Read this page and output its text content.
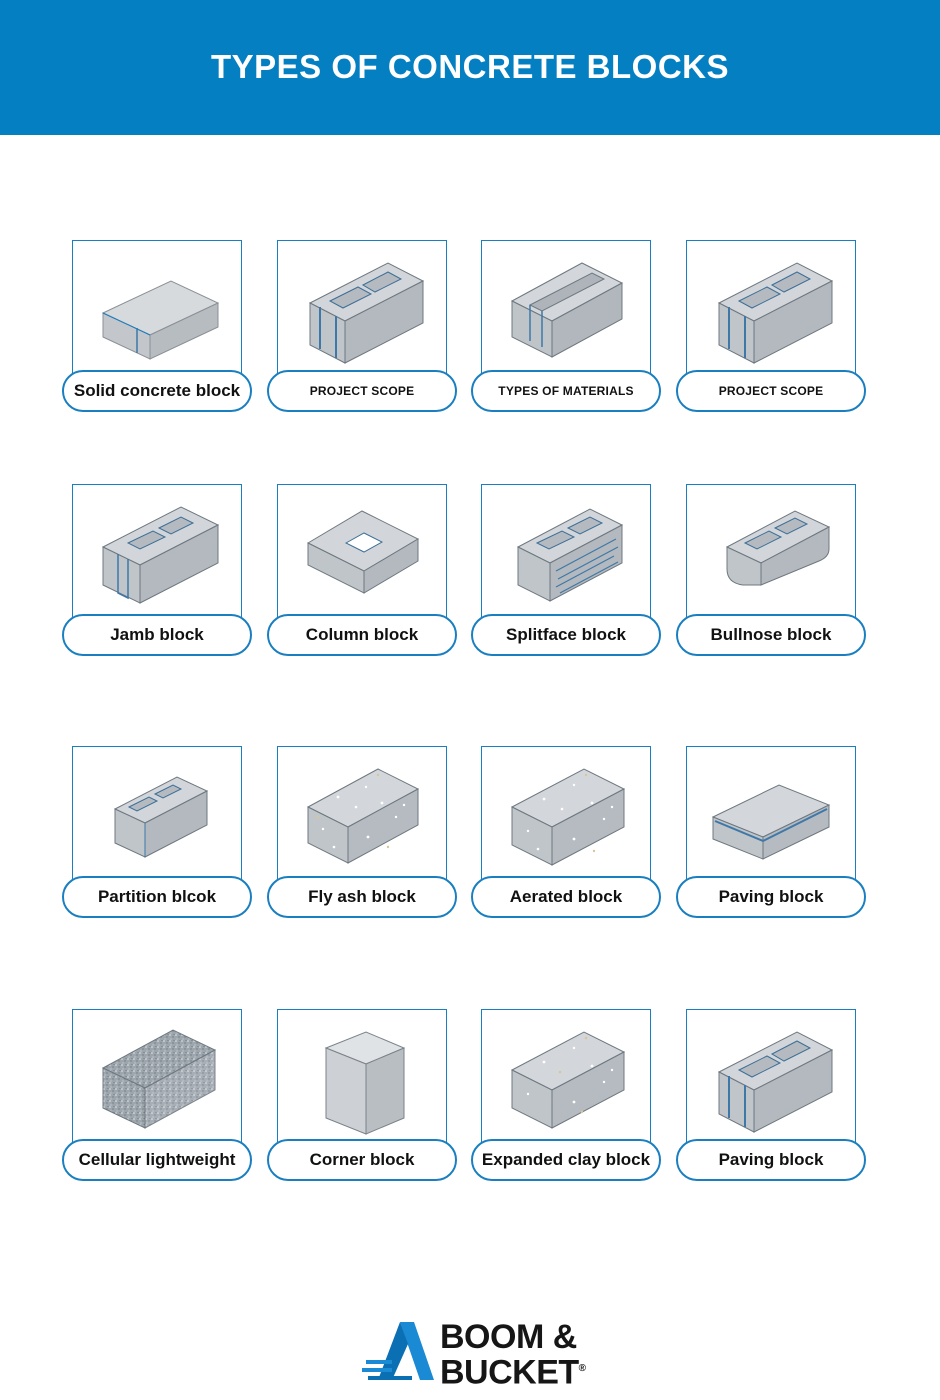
TYPES OF CONCRETE BLOCKS
Solid concrete block	PROJECT SCOPE	TYPES OF MATERIALS	PROJECT SCOPE
Jamb block	Column block	Splitface block	Bullnose block
Partition blcok	Fly ash block	Aerated block	Paving block
Cellular lightweight	Corner block	Expanded clay block	Paving block
BOOM &
BUCKET®
